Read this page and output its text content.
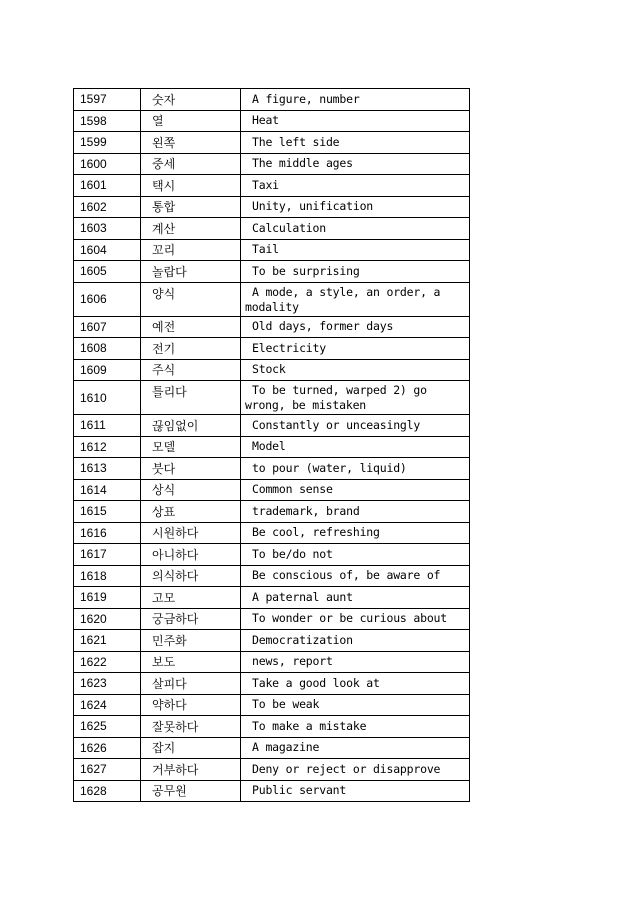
1597	숫자	A figure, number

1598	열	Heat

1599	왼쪽	The left side

1600	중세	The middle ages

1601	택시	Taxi

1602	통합	Unity, unification

1603	계산	Calculation

1604	꼬리	Tail

1605	놀랍다	To be surprising

1606	양식	A mode, a style, an order, a modality

1607	예전	Old days, former days

1608	전기	Electricity

1609	주식	Stock

1610	틀리다	To be turned, warped 2) go wrong, be mistaken

1611	끊임없이	Constantly or unceasingly

1612	모델	Model

1613	붓다	to pour (water, liquid)

1614	상식	Common sense

1615	상표	trademark, brand

1616	시원하다	Be cool, refreshing

1617	아니하다	To be/do not

1618	의식하다	Be conscious of, be aware of

1619	고모	A paternal aunt

1620	궁금하다	To wonder or be curious about

1621	민주화	Democratization

1622	보도	news, report

1623	살피다	Take a good look at

1624	약하다	To be weak

1625	잘못하다	To make a mistake

1626	잡지	A magazine

1627	거부하다	Deny or reject or disapprove

1628	공무원	Public servant
